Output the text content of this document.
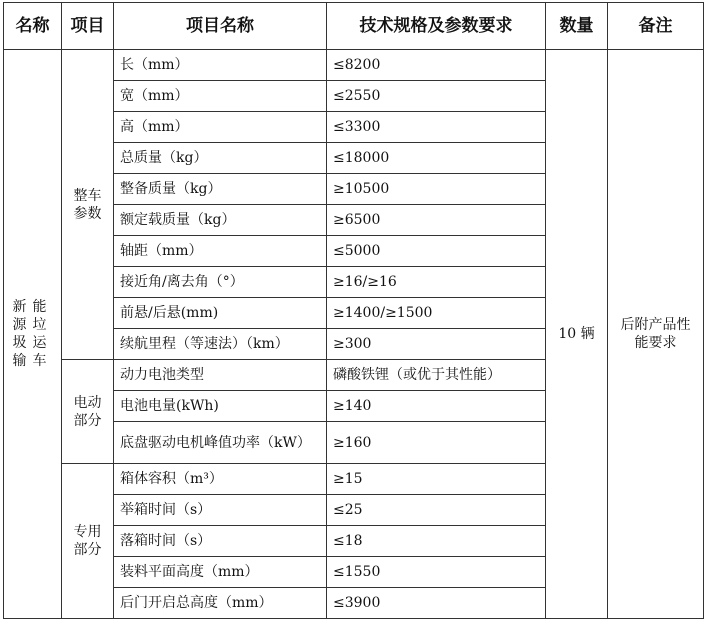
名称	项目	项目名称	技术规格及参数要求	数量	备注
新能源垃圾运输车	整车参数	长（mm）	≤8200	10 辆	后附产品性能要求
		宽（mm）	≤2550		
		高（mm）	≤3300		
		总质量（kg）	≤18000		
		整备质量（kg）	≥10500		
		额定载质量（kg）	≥6500		
		轴距（mm）	≤5000		
		接近角/离去角（°）	≥16/≥16		
		前悬/后悬(mm)	≥1400/≥1500		
		续航里程（等速法）（km）	≥300		
	电动部分	动力电池类型	磷酸铁锂（或优于其性能）		
		电池电量(kWh)	≥140		
		底盘驱动电机峰值功率（kW）	≥160		
	专用部分	箱体容积（m³）	≥15		
		举箱时间（s）	≤25		
		落箱时间（s）	≤18		
		装料平面高度（mm）	≤1550		
		后门开启总高度（mm）	≤3900		
